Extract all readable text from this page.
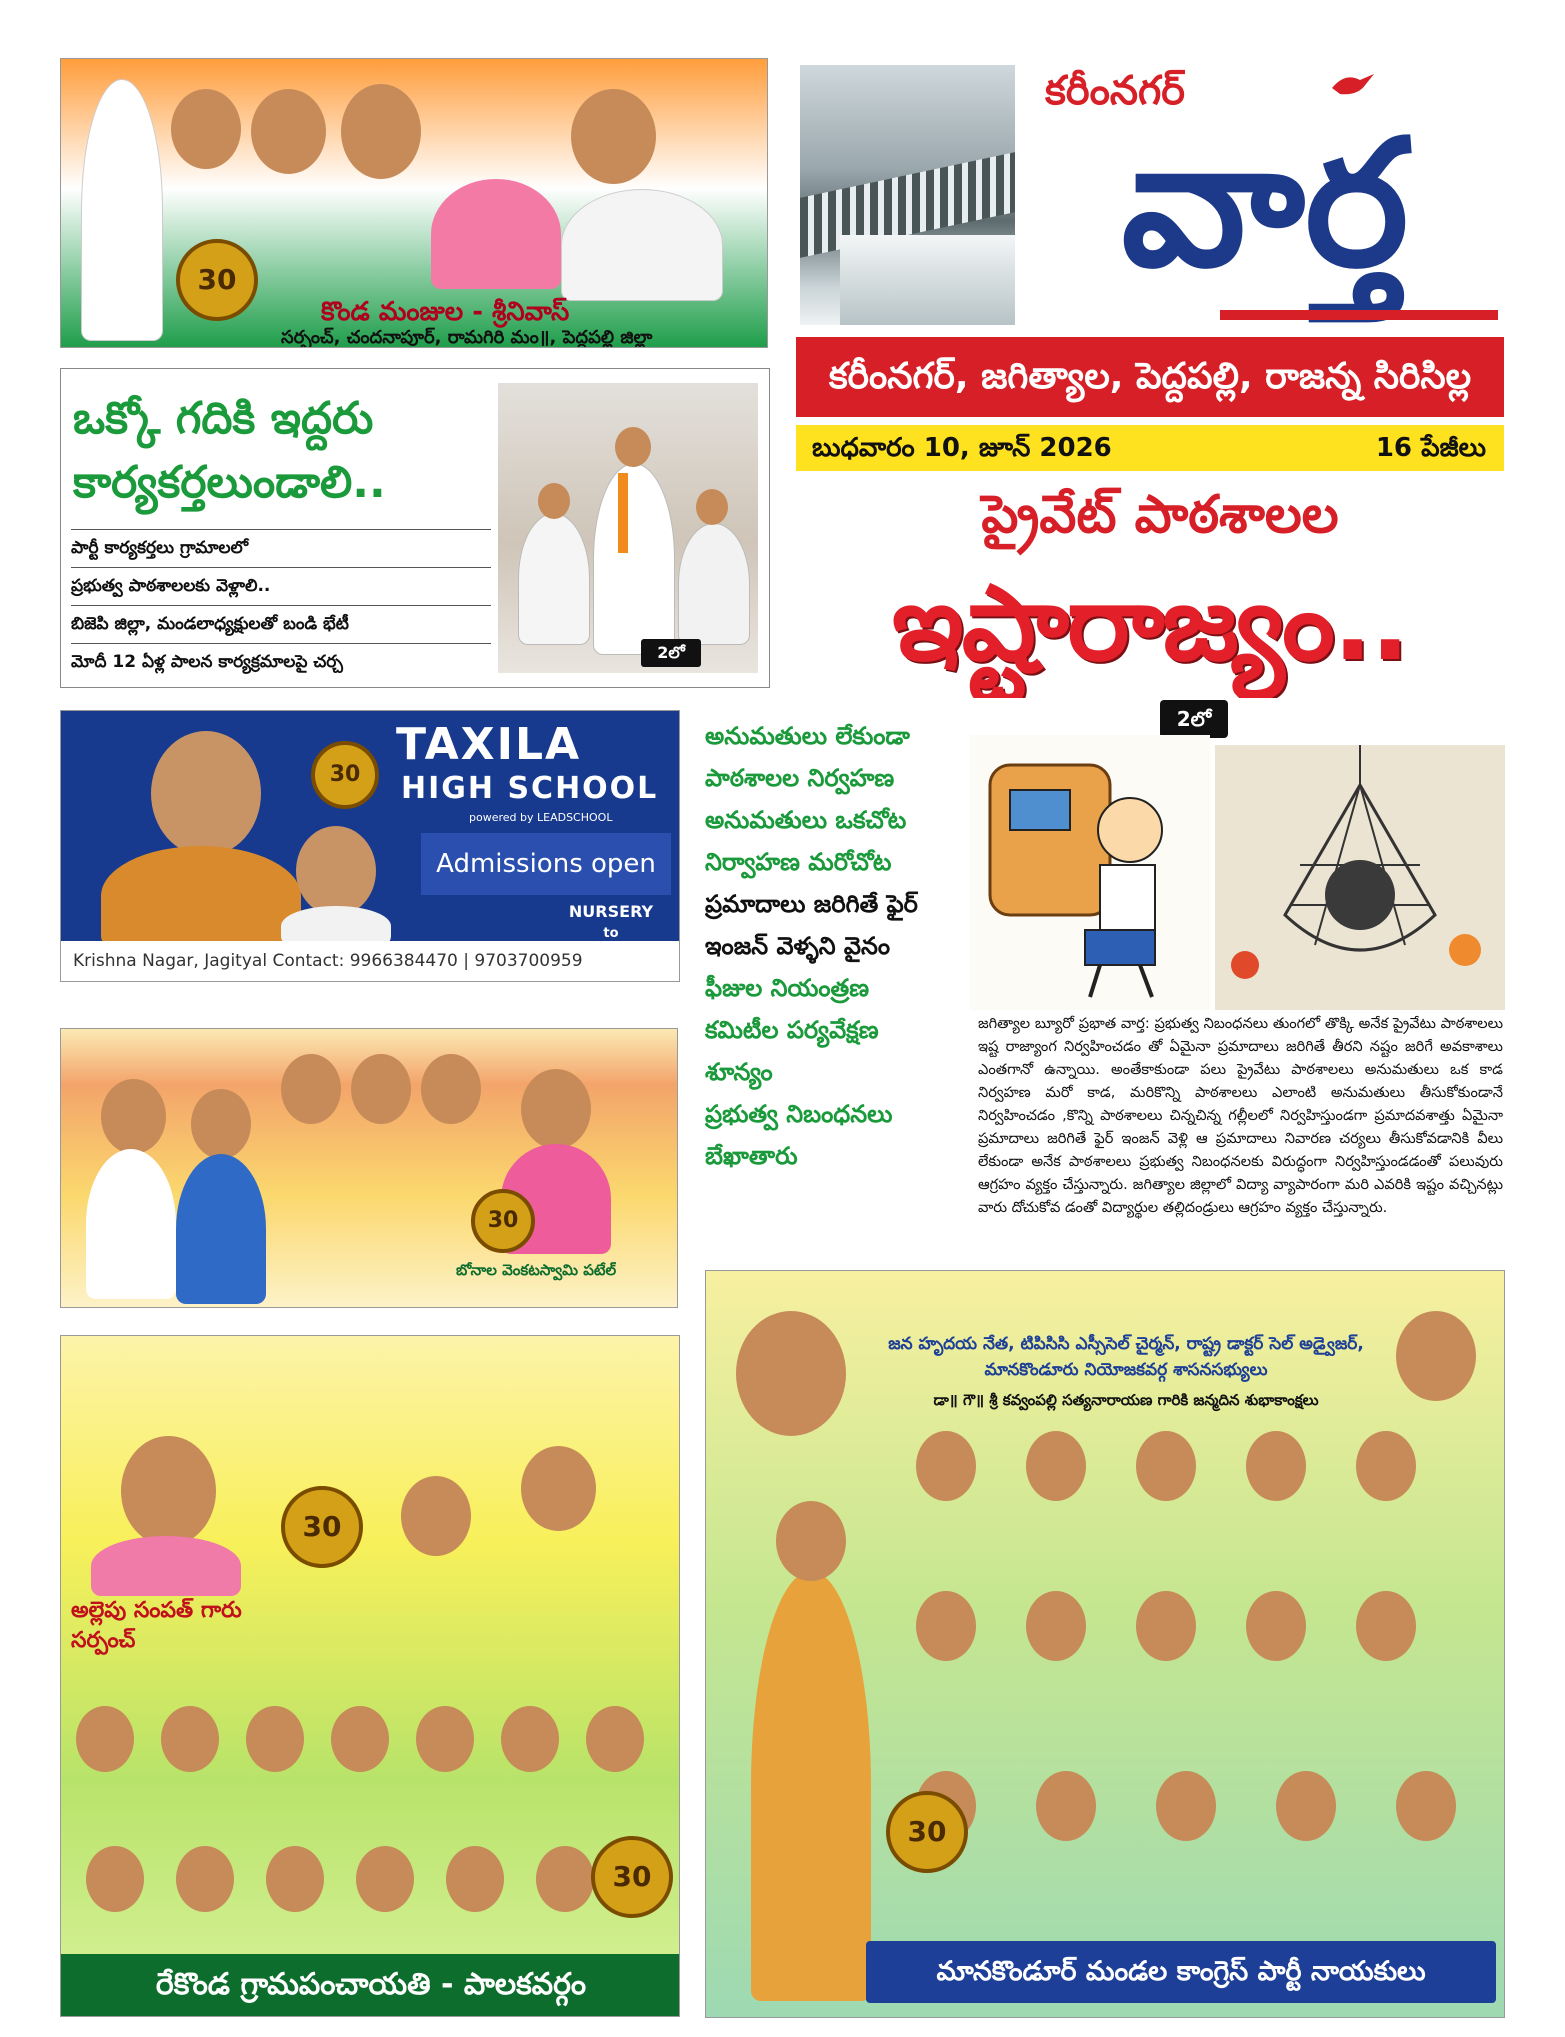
30
కొండ మంజుల - శ్రీనివాస్
సర్పంచ్, చందనాపూర్, రామగిరి మం॥, పెద్దపల్లి జిల్లా
కరీంనగర్
వార్త
కరీంనగర్, జగిత్యాల, పెద్దపల్లి, రాజన్న సిరిసిల్ల
బుధవారం 10, జూన్ 2026	16 పేజీలు
ఒక్కో గదికి ఇద్దరు కార్యకర్తలుండాలి..
పార్టీ కార్యకర్తలు గ్రామాలలో
ప్రభుత్వ పాఠశాలలకు వెళ్లాలి..
బిజెపి జిల్లా, మండలాధ్యక్షులతో బండి భేటీ
మోదీ 12 ఏళ్ల పాలన కార్యక్రమాలపై చర్చ	2లో
ప్రైవేట్ పాఠశాలల
ఇష్టారాజ్యం..
2లో
అనుమతులు లేకుండా
పాఠశాలల నిర్వహణ
అనుమతులు ఒకచోట
నిర్వాహణ మరోచోట
ప్రమాదాలు జరిగితే ఫైర్
ఇంజన్ వెళ్ళని వైనం
ఫీజుల నియంత్రణ
కమిటీల పర్యవేక్షణ
శూన్యం
ప్రభుత్వ నిబంధనలు
బేఖాతారు
జగిత్యాల బ్యూరో ప్రభాత వార్త: ప్రభుత్వ నిబంధనలు తుంగలో తొక్కి అనేక ప్రైవేటు పాఠశాలలు ఇష్ట రాజ్యాంగ నిర్వహించడం తో ఏమైనా ప్రమాదాలు జరిగితే తీరని నష్టం జరిగే అవకాశాలు ఎంతగానో ఉన్నాయి. అంతేకాకుండా పలు ప్రైవేటు పాఠశాలలు అనుమతులు ఒక కాడ నిర్వహణ మరో కాడ, మరికొన్ని పాఠశాలలు ఎలాంటి అనుమతులు తీసుకోకుండానే నిర్వహించడం ,కొన్ని పాఠశాలలు చిన్నచిన్న గల్లీలలో నిర్వహిస్తుండగా ప్రమాదవశాత్తు ఏమైనా ప్రమాదాలు జరిగితే ఫైర్ ఇంజన్ వెళ్లి ఆ ప్రమాదాలు నివారణ చర్యలు తీసుకోవడానికి వీలు లేకుండా అనేక పాఠశాలలు ప్రభుత్వ నిబంధనలకు విరుద్ధంగా నిర్వహిస్తుండడంతో పలువురు ఆగ్రహం వ్యక్తం చేస్తున్నారు. జగిత్యాల జిల్లాలో విద్యా వ్యాపారంగా మరి ఎవరికి ఇష్టం వచ్చినట్లు వారు దోచుకోవ డంతో విద్యార్థుల తల్లిదండ్రులు ఆగ్రహం వ్యక్తం చేస్తున్నారు.
30
TAXILA
HIGH SCHOOL
powered by LEADSCHOOL
Admissions open
NURSERY
to
Krishna Nagar, Jagityal Contact: 9966384470 | 9703700959
30
బోనాల వెంకటస్వామి పటేల్
అల్లెపు సంపత్ గారు సర్పంచ్
30
30
రేకొండ గ్రామపంచాయతి - పాలకవర్గం
జన హృదయ నేత, టిపిసిసి ఎస్సీసెల్ చైర్మన్, రాష్ట్ర డాక్టర్ సెల్ అడ్వైజర్, మానకొండూరు నియోజకవర్గ శాసనసభ్యులు
డా॥ గౌ॥ శ్రీ కవ్వంపల్లి సత్యనారాయణ గారికి జన్మదిన శుభాకాంక్షలు
30
మానకొండూర్ మండల కాంగ్రెస్ పార్టీ నాయకులు
